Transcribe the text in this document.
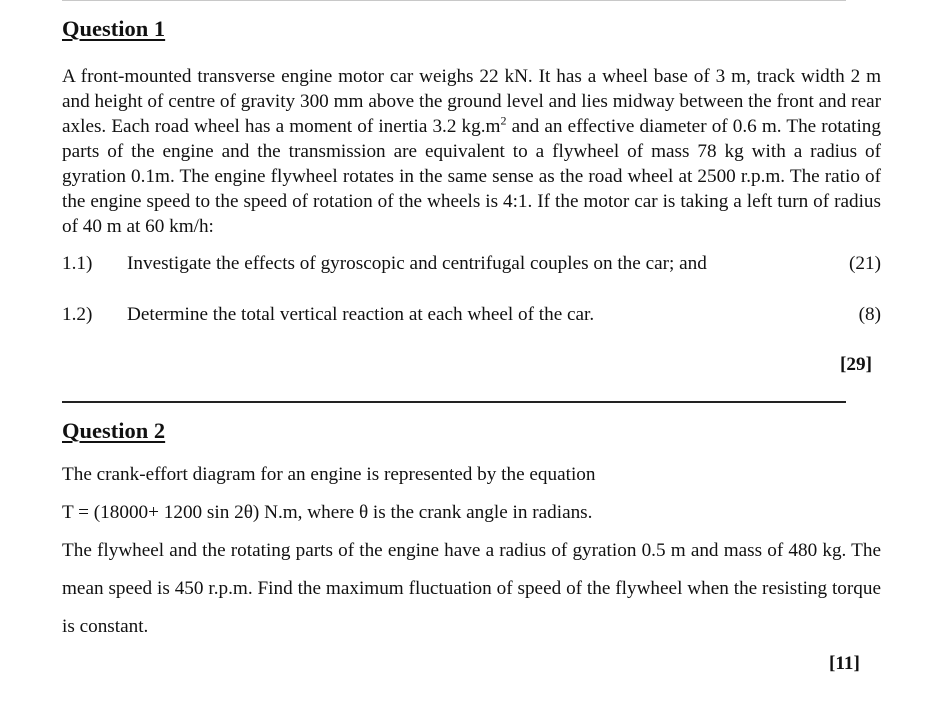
Question 1

A front-mounted transverse engine motor car weighs 22 kN. It has a wheel base of 3 m, track width 2 m and height of centre of gravity 300 mm above the ground level and lies midway between the front and rear axles. Each road wheel has a moment of inertia 3.2 $kg.m^2$ and an effective diameter of 0.6 m. The rotating parts of the engine and the transmission are equivalent to a flywheel of mass 78 kg with a radius of gyration 0.1m. The engine flywheel rotates in the same sense as the road wheel at 2500 r.p.m. The ratio of the engine speed to the speed of rotation of the wheels is 4:1. If the motor car is taking a left turn of radius of 40 m at 60 km/h:

1.1) Investigate the effects of gyroscopic and centrifugal couples on the car; and	(21)
1.2) Determine the total vertical reaction at each wheel of the car.	(8)
[29]
Question 2

The crank-effort diagram for an engine is represented by the equation

T = (18000+ 1200 sin 2θ) N.m, where θ is the crank angle in radians.

The flywheel and the rotating parts of the engine have a radius of gyration 0.5 m and mass of 480 kg. The mean speed is 450 r.p.m. Find the maximum fluctuation of speed of the flywheel when the resisting torque is constant.

[11]
